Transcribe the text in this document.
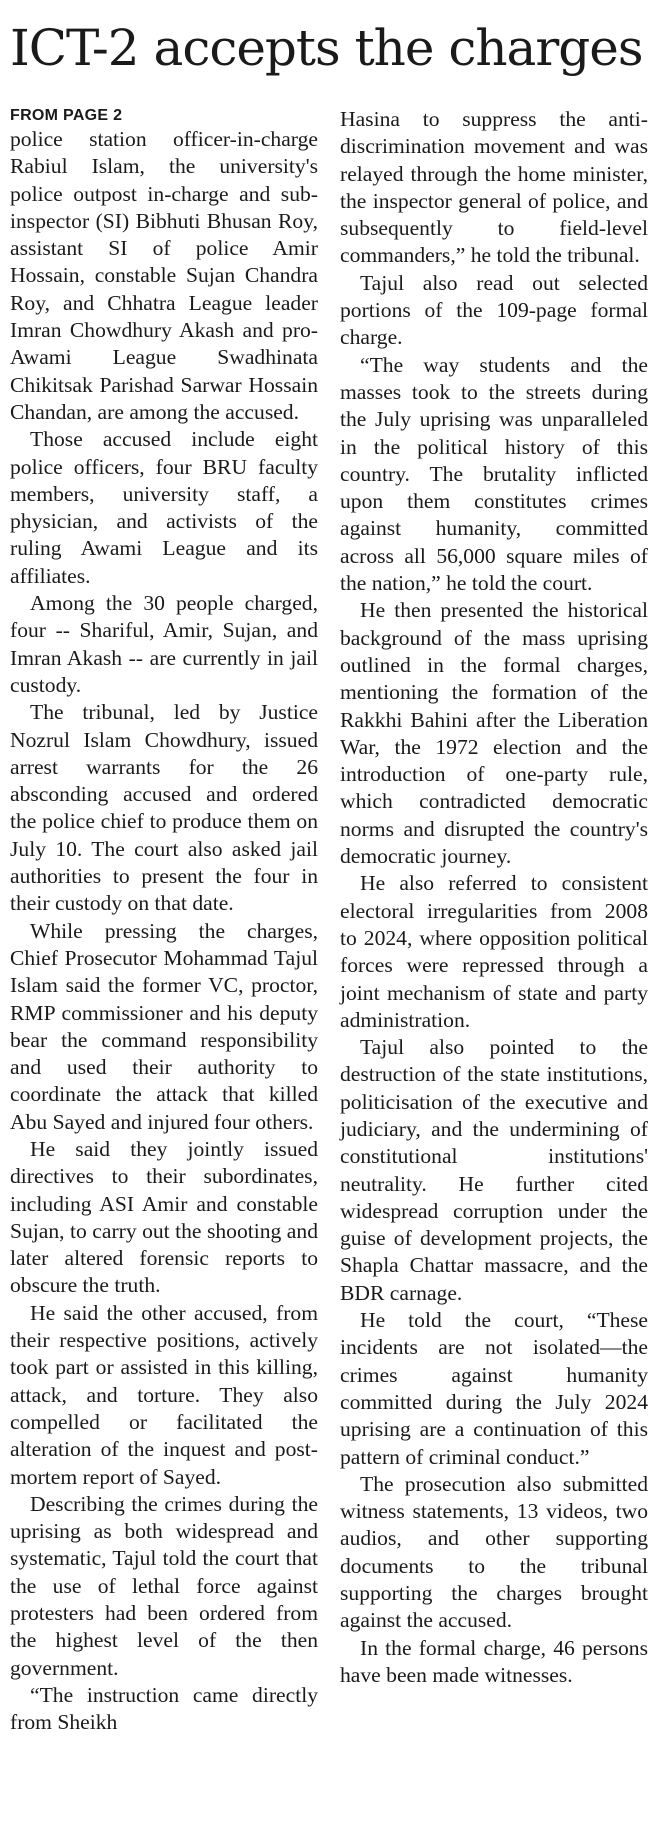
ICT-2 accepts the charges
FROM PAGE 2

police station officer-in-charge Rabiul Islam, the university's police outpost in-charge and sub-inspector (SI) Bibhuti Bhusan Roy, assistant SI of police Amir Hossain, constable Sujan Chandra Roy, and Chhatra League leader Imran Chowdhury Akash and pro-Awami League Swadhinata Chikitsak Parishad Sarwar Hossain Chandan, are among the accused.

Those accused include eight police officers, four BRU faculty members, university staff, a physician, and activists of the ruling Awami League and its affiliates.

Among the 30 people charged, four -- Shariful, Amir, Sujan, and Imran Akash -- are currently in jail custody.

The tribunal, led by Justice Nozrul Islam Chowdhury, issued arrest warrants for the 26 absconding accused and ordered the police chief to produce them on July 10. The court also asked jail authorities to present the four in their custody on that date.

While pressing the charges, Chief Prosecutor Mohammad Tajul Islam said the former VC, proctor, RMP commissioner and his deputy bear the command responsibility and used their authority to coordinate the attack that killed Abu Sayed and injured four others.

He said they jointly issued directives to their subordinates, including ASI Amir and constable Sujan, to carry out the shooting and later altered forensic reports to obscure the truth.

He said the other accused, from their respective positions, actively took part or assisted in this killing, attack, and torture. They also compelled or facilitated the alteration of the inquest and post-mortem report of Sayed.

Describing the crimes during the uprising as both widespread and systematic, Tajul told the court that the use of lethal force against protesters had been ordered from the highest level of the then government.

“The instruction came directly from Sheikh

Hasina to suppress the anti-discrimination movement and was relayed through the home minister, the inspector general of police, and subsequently to field-level commanders,” he told the tribunal.

Tajul also read out selected portions of the 109-page formal charge.

“The way students and the masses took to the streets during the July uprising was unparalleled in the political history of this country. The brutality inflicted upon them constitutes crimes against humanity, committed across all 56,000 square miles of the nation,” he told the court.

He then presented the historical background of the mass uprising outlined in the formal charges, mentioning the formation of the Rakkhi Bahini after the Liberation War, the 1972 election and the introduction of one-party rule, which contradicted democratic norms and disrupted the country's democratic journey.

He also referred to consistent electoral irregularities from 2008 to 2024, where opposition political forces were repressed through a joint mechanism of state and party administration.

Tajul also pointed to the destruction of the state institutions, politicisation of the executive and judiciary, and the undermining of constitutional institutions' neutrality. He further cited widespread corruption under the guise of development projects, the Shapla Chattar massacre, and the BDR carnage.

He told the court, “These incidents are not isolated—the crimes against humanity committed during the July 2024 uprising are a continuation of this pattern of criminal conduct.”

The prosecution also submitted witness statements, 13 videos, two audios, and other supporting documents to the tribunal supporting the charges brought against the accused.

In the formal charge, 46 persons have been made witnesses.
